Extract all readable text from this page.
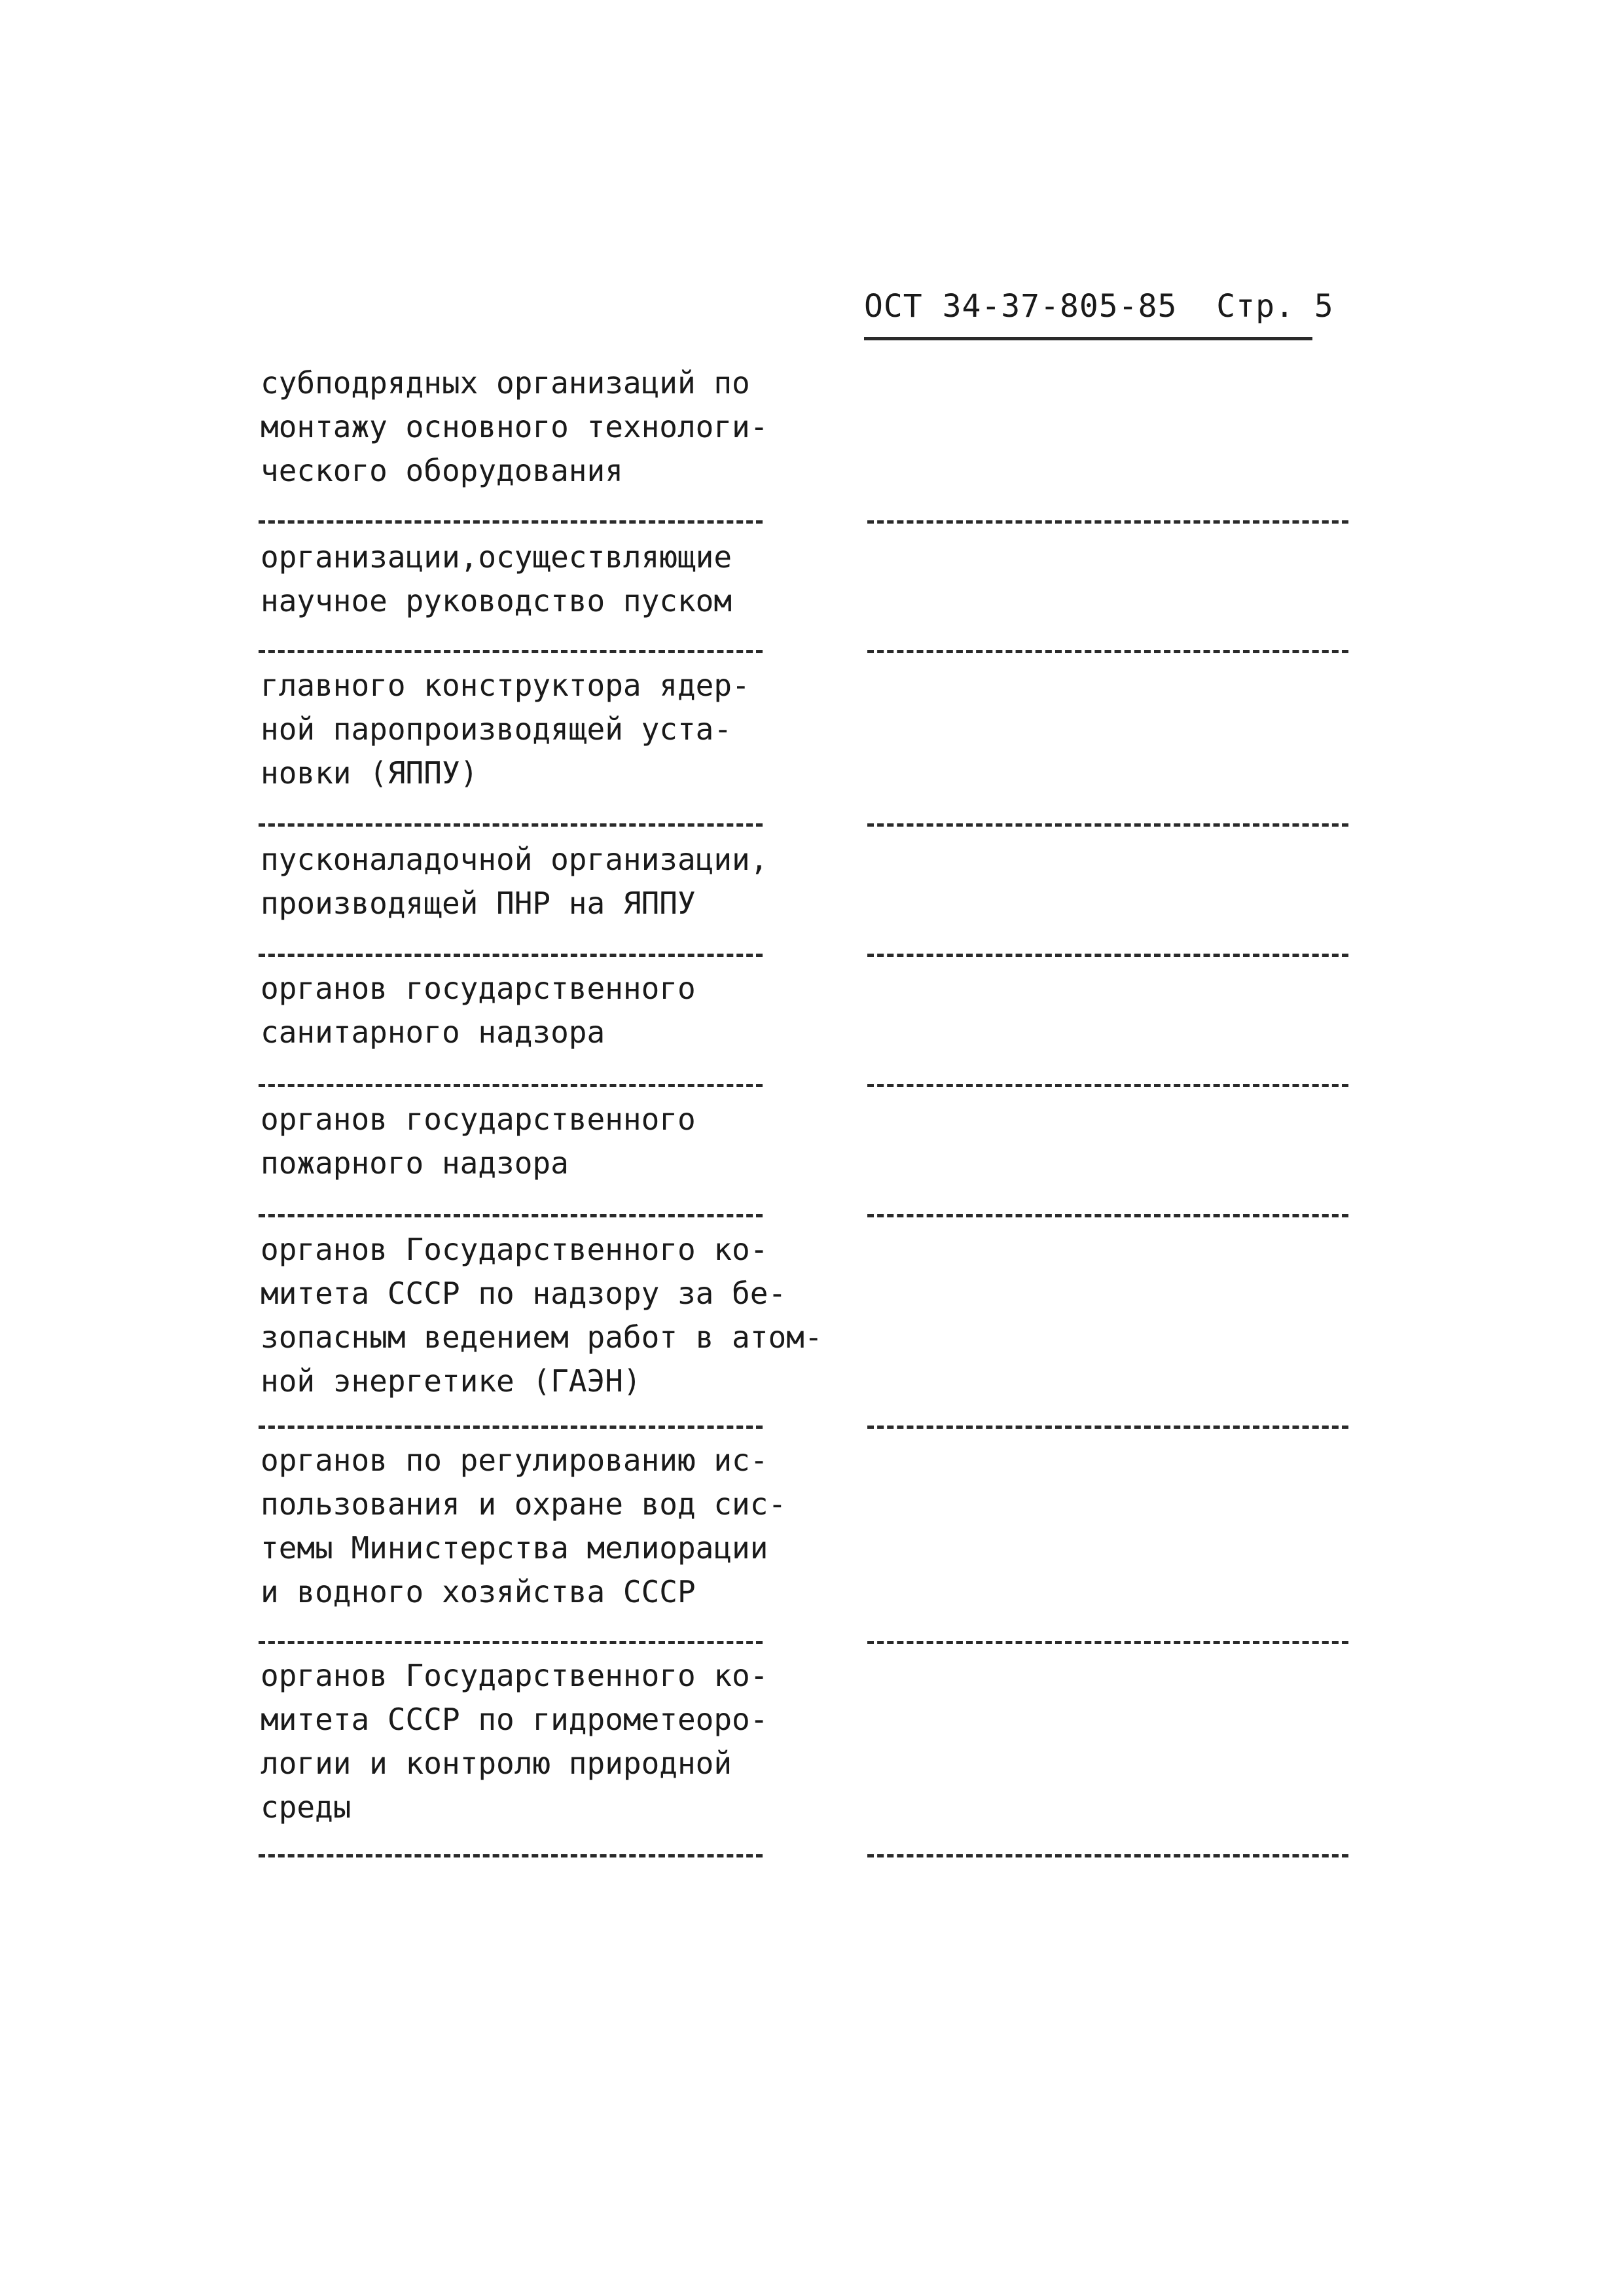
ОСТ 34-37-805-85 Стр. 5
субподрядных организаций по
монтажу основного технологи-
ческого оборудования
организации,осуществляющие
научное руководство пуском
главного конструктора ядер-
ной паропроизводящей уста-
новки (ЯППУ)
пусконаладочной организации,
производящей ПНР на ЯППУ
органов государственного
санитарного надзора
органов государственного
пожарного надзора
органов Государственного ко-
митета СССР по надзору за бе-
зопасным ведением работ в атом-
ной энергетике (ГАЭН)
органов по регулированию ис-
пользования и охране вод сис-
темы Министерства мелиорации
и водного хозяйства СССР
органов Государственного ко-
митета СССР по гидрометеоро-
логии и контролю природной
среды
